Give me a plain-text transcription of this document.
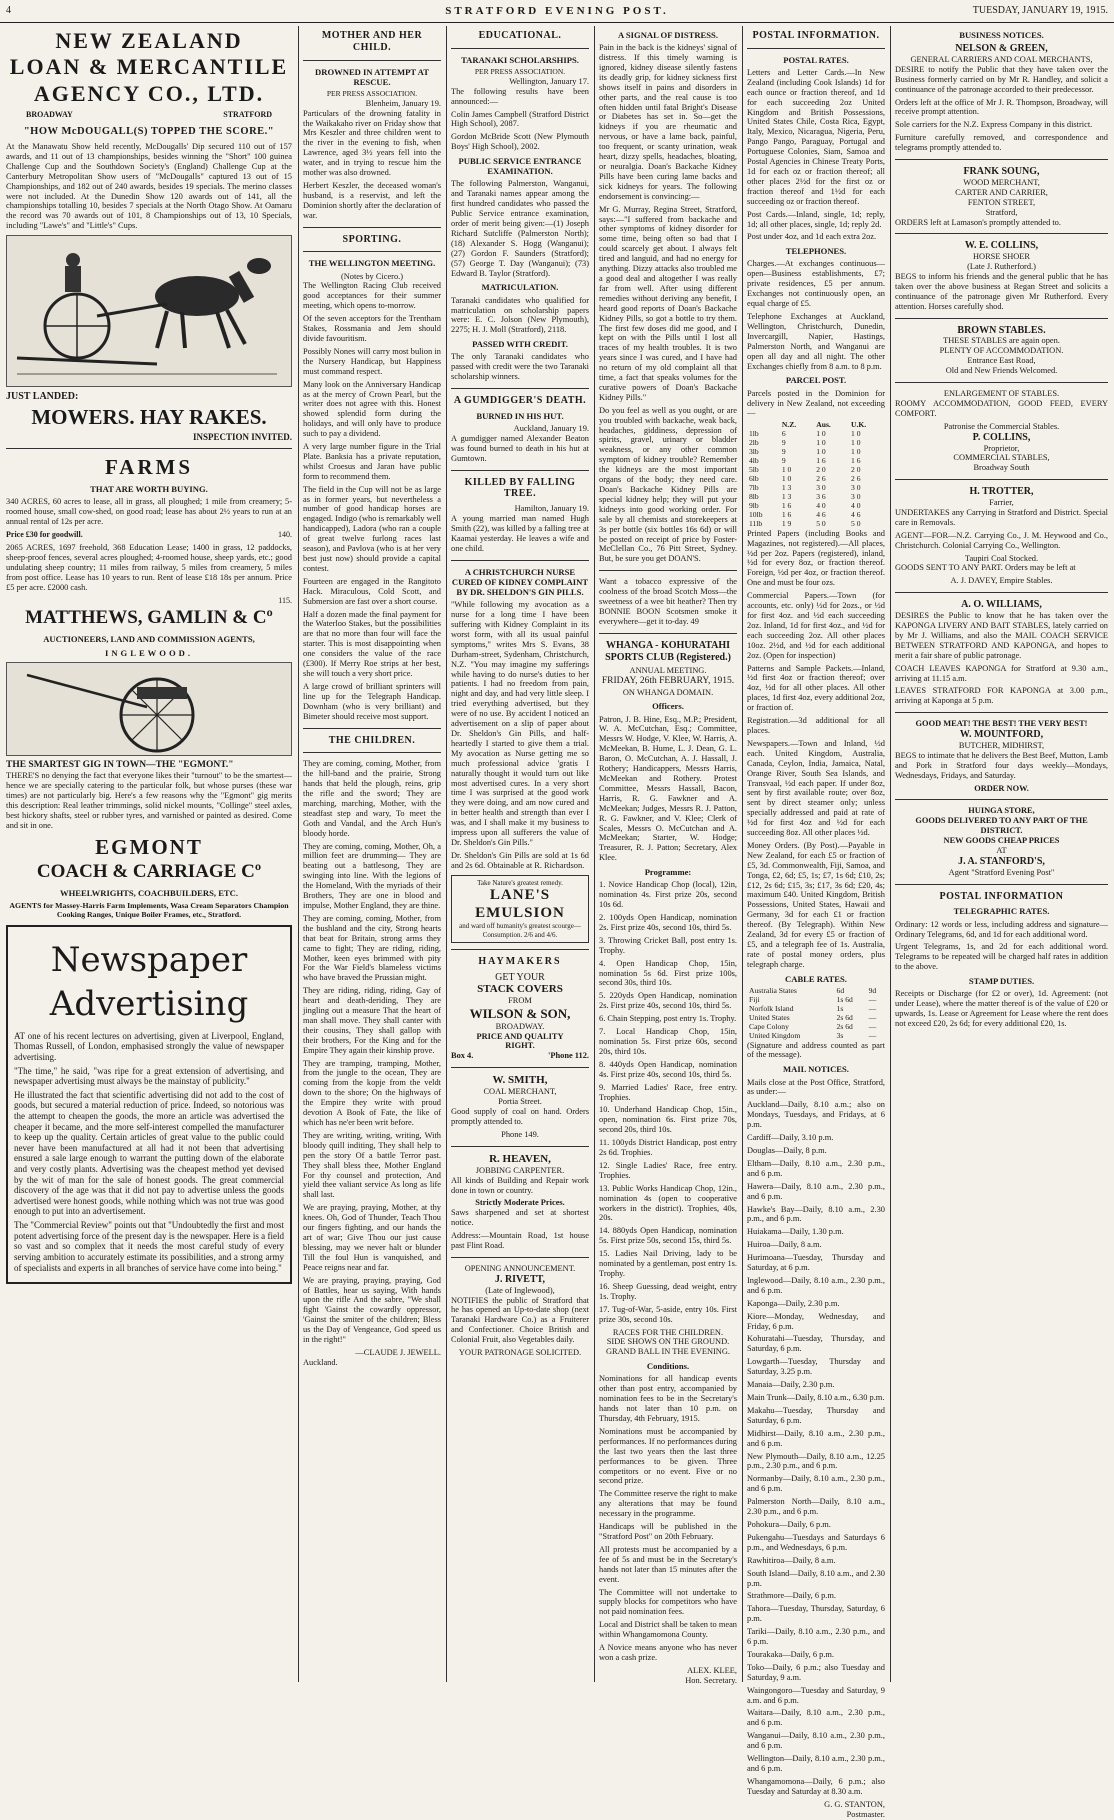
4	STRATFORD EVENING POST.	TUESDAY, JANUARY 19, 1915.
NEW ZEALAND
LOAN & MERCANTILE
AGENCY CO., LTD.
BROADWAY	STRATFORD
"HOW McDOUGALL(S) TOPPED THE SCORE."

At the Manawatu Show held recently, McDougalls' Dip secured 110 out of 157 awards, and 11 out of 13 championships, besides winning the "Short" 100 guinea Challenge Cup and the Southdown Society's (England) Challenge Cup at the Canterbury Metropolitan Show users of "McDougalls" captured 13 out of 15 Championships, and 182 out of 240 awards, besides 19 specials. The merino classes were not included. At the Dunedin Show 120 awards out of 141, all the championships totalling 10, besides 7 specials at the North Otago Show. At Oamaru the record was 70 awards out of 101, 8 Championships out of 13, 10 Specials, including "Lawe's" and "Little's" Cups.

JUST LANDED:
MOWERS. HAY RAKES.
INSPECTION INVITED.
FARMS
THAT ARE WORTH BUYING.

340 ACRES, 60 acres to lease, all in grass, all ploughed; 1 mile from creamery; 5-roomed house, small cow-shed, on good road; lease has about 2½ years to run at an annual rental of 12s per acre.

Price £30 for goodwill.	140.

2065 ACRES, 1697 freehold, 368 Education Lease; 1400 in grass, 12 paddocks, sheep-proof fences, several acres ploughed; 4-roomed house, sheep yards, etc.; good undulating sheep country; 11 miles from railway, 5 miles from creamery, 5 miles from post office. Lease has 10 years to run. Rent of lease £18 18s per annum. Price £5 per acre. £2000 cash.

115.
MATTHEWS, GAMLIN & Cº
AUCTIONEERS, LAND AND COMMISSION AGENTS,
INGLEWOOD.
THE SMARTEST GIG IN TOWN—THE "EGMONT."

THERE'S no denying the fact that everyone likes their "turnout" to be the smartest—hence we are specially catering to the particular folk, but whose purses (these war times) are not particularly big. Here's a few reasons why the "Egmont" gig merits this description: Real leather trimmings, solid nickel mounts, "Collinge" steel axles, best hickory shafts, steel or rubber tyres, and varnished or painted as desired. Come and sit in one.

EGMONT
COACH & CARRIAGE Cº
WHEELWRIGHTS, COACHBUILDERS, ETC.
AGENTS for Massey-Harris Farm Implements, Wasa Cream Separators Champion Cooking Ranges, Unique Boiler Frames, etc., Stratford.
Newspaper
Advertising

AT one of his recent lectures on advertising, given at Liverpool, England, Thomas Russell, of London, emphasised strongly the value of newspaper advertising.

"The time," he said, "was ripe for a great extension of advertising, and newspaper advertising must always be the mainstay of publicity."

He illustrated the fact that scientific advertising did not add to the cost of goods, but secured a material reduction of price. Indeed, so notorious was the attempt to cheapen the goods, the more an article was advertised the cheaper it became, and the more self-interest compelled the manufacturer to keep up the quality. Certain articles of great value to the public could never have been manufactured at all had it not been that advertising ensured a sale large enough to warrant the putting down of the elaborate and very costly plants. Advertising was the cheapest method yet devised by the wit of man for the sale of honest goods. The great commercial discovery of the age was that it did not pay to advertise unless the goods advertised were honest goods, while nothing which was not true was good enough to put into an advertisement.

The "Commercial Review" points out that "Undoubtedly the first and most potent advertising force of the present day is the newspaper. Here is a field so vast and so complex that it needs the most careful study of every serving ambition to accurately estimate its possibilities, and a strong army of specialists and experts in all branches of service have come into being."

MOTHER AND HER CHILD.
DROWNED IN ATTEMPT AT RESCUE.
PER PRESS ASSOCIATION.
Blenheim, January 19.

Particulars of the drowning fatality in the Waikakaho river on Friday show that Mrs Keszler and three children went to the river in the evening to fish, when Lawrence, aged 3½ years fell into the water, and in trying to rescue him the mother was also drowned.

Herbert Keszler, the deceased woman's husband, is a reservist, and left the Dominion shortly after the declaration of war.

SPORTING.
THE WELLINGTON MEETING.
(Notes by Cicero.)

The Wellington Racing Club received good acceptances for their summer meeting, which opens to-morrow.

Of the seven acceptors for the Trentham Stakes, Rossmania and Jem should divide favouritism.

Possibly Nones will carry most bulion in the Nursery Handicap, but Happiness must command respect.

Many look on the Anniversary Handicap as at the mercy of Crown Pearl, but the writer does not agree with this. Honest showed splendid form during the holidays, and will only have to produce such to pay a dividend.

A very large number figure in the Trial Plate. Banksia has a private reputation, whilst Croesus and Jaran have public form to recommend them.

The field in the Cup will not be as large as in former years, but nevertheless a number of good handicap horses are engaged. Indigo (who is remarkably well handicapped), Ladora (who ran a couple of great twelve furlong races last season), and Pavlova (who is at her very best just now) should provide a capital contest.

Fourteen are engaged in the Rangitoto Hack. Miraculous, Cold Scott, and Submersion are fast over a short course.

Half a dozen made the final payment for the Waterloo Stakes, but the possibilities are that no more than four will face the starter. This is most disappointing when one considers the value of the race (£300). If Merry Roe strips at her best, she will touch a very short price.

A large crowd of brilliant sprinters will line up for the Telegraph Handicap. Downham (who is very brilliant) and Bimeter should receive most support.

THE CHILDREN.

They are coming, coming, Mother, from the hill-band and the prairie, Strong hands that held the plough, reins, grip the rifle and the sword; They are marching, marching, Mother, with the steadfast step and wary, To meet the Goth and Vandal, and the Arch Hun's bloody horde.

They are coming, coming, Mother, Oh, a million feet are drumming— They are beating out a battlesong, They are swinging into line. With the legions of the Homeland, With the myriads of their Brothers, They are one in blood and impulse, Mother England, they are thine.

They are coming, coming, Mother, from the bushland and the city, Strong hearts that beat for Britain, strong arms they came to fight; They are riding, riding, Mother, keen eyes brimmed with pity For the War Field's blameless victims who have braved the Prussian might.

They are riding, riding, riding, Gay of heart and death-deriding, They are jingling out a measure That the heart of man shall move. They shall canter with their cousins, They shall gallop with their brothers, For the King and for the Empire They again their kinship prove.

They are tramping, tramping, Mother, from the jungle to the ocean, They are coming from the kopje from the veldt down to the shore; On the highways of the Empire they write with proud devotion A Book of Fate, the like of which has ne'er been writ before.

They are writing, writing, writing, With bloody quill inditing, They shall help to pen the story Of a battle Terror past. They shall bless thee, Mother England For thy counsel and protection, And yield thee valiant service As long as life shall last.

We are praying, praying, Mother, at thy knees. Oh, God of Thunder, Teach Thou our fingers fighting, and our hands the art of war; Give Thou our just cause blessing, may we never halt or blunder Till the foul Hun is vanquished, and Peace reigns near and far.

We are praying, praying, praying, God of Battles, hear us saying, With hands upon the rifle And the sabre, "We shall fight 'Gainst the cowardly oppressor, 'Gainst the smiter of the children; Bless us the Day of Vengeance, God speed us in the right!"

—CLAUDE J. JEWELL.
Auckland.
EDUCATIONAL.
TARANAKI SCHOLARSHIPS.
PER PRESS ASSOCIATION.
Wellington, January 17.

The following results have been announced:—

Colin James Campbell (Stratford District High School), 2087.

Gordon McBride Scott (New Plymouth Boys' High School), 2002.

PUBLIC SERVICE ENTRANCE EXAMINATION.

The following Palmerston, Wanganui, and Taranaki names appear among the first hundred candidates who passed the Public Service entrance examination, order of merit being given:—(1) Joseph Richard Sutcliffe (Palmerston North); (18) Alexander S. Hogg (Wanganui); (27) Gordon F. Saunders (Stratford); (57) George T. Day (Wanganui); (73) Edward B. Taylor (Stratford).

MATRICULATION.

Taranaki candidates who qualified for matriculation on scholarship papers were: E. C. Jolson (New Plymouth), 2275; H. J. Moll (Stratford), 2118.

PASSED WITH CREDIT.

The only Taranaki candidates who passed with credit were the two Taranaki scholarship winners.

A GUMDIGGER'S DEATH.
BURNED IN HIS HUT.
Auckland, January 19.

A gumdigger named Alexander Beaton was found burned to death in his hut at Gumtown.

KILLED BY FALLING TREE.
Hamilton, January 19.

A young married man named Hugh Smith (22), was killed by a falling tree at Kaamai yesterday. He leaves a wife and one child.

A CHRISTCHURCH NURSE CURED OF KIDNEY COMPLAINT BY DR. SHELDON'S GIN PILLS.

"While following my avocation as a nurse for a long time I have been suffering with Kidney Complaint in its worst form, with all its usual painful symptoms," writes Mrs S. Evans, 38 Durham-street, Sydenham, Christchurch, N.Z. "You may imagine my sufferings while having to do nurse's duties to her patients. I had no freedom from pain, night and day, and had very little sleep. I tried everything advertised, but they were of no use. By accident I noticed an advertisement on a slip of paper about Dr. Sheldon's Gin Pills, and half-heartedly I started to give them a trial. My avocation as Nurse getting me so much professional advice 'gratis I naturally thought it would turn out like most advertised cures. In a very short time I was surprised at the good work they were doing, and am now cured and in better health and strength than ever I was, and I shall make it my business to impress upon all sufferers the value of Dr. Sheldon's Gin Pills."

Dr. Sheldon's Gin Pills are sold at 1s 6d and 2s 6d. Obtainable at R. Richardson.

Take Nature's greatest remedy.
LANE'S EMULSION
and ward off humanity's greatest scourge— Consumption. 2/6 and 4/6.
HAYMAKERS
GET YOUR
STACK COVERS
FROM
WILSON & SON,
BROADWAY.
PRICE AND QUALITY
RIGHT.
Box 4.	'Phone 112.
W. SMITH,
COAL MERCHANT,
Portia Street.

Good supply of coal on hand. Orders promptly attended to.

Phone 149.
R. HEAVEN,
JOBBING CARPENTER.

All kinds of Building and Repair work done in town or country.

Strictly Moderate Prices.

Saws sharpened and set at shortest notice.

Address:—Mountain Road, 1st house past Flint Road.

OPENING ANNOUNCEMENT.
J. RIVETT,
(Late of Inglewood),

NOTIFIES the public of Stratford that he has opened an Up-to-date shop (next Taranaki Hardware Co.) as a Fruiterer and Confectioner. Choice British and Colonial Fruit, also Vegetables daily.

YOUR PATRONAGE SOLICITED.
A SIGNAL OF DISTRESS.

Pain in the back is the kidneys' signal of distress. If this timely warning is ignored, kidney disease silently fastens its deadly grip, for kidney sickness first shows itself in pains and disorders in other parts, and the real cause is too often hidden until fatal Bright's Disease or Diabetes has set in. So—get the kidneys if you are rheumatic and nervous, or have a lame back, painful, too frequent, or scanty urination, weak heart, dizzy spells, headaches, bloating, or neuralgia. Doan's Backache Kidney Pills have been curing lame backs and sick kidneys for years. The following endorsement is convincing:—

Mr G. Murray, Regina Street, Stratford, says:—"I suffered from backache and other symptoms of kidney disorder for some time, being often so bad that I could scarcely get about. I always felt tired and languid, and had no energy for anything. Dizzy attacks also troubled me a good deal and altogether I was really far from well. After using different remedies without deriving any benefit, I heard good reports of Doan's Backache Kidney Pills, so got a bottle to try them. The first few doses did me good, and I kept on with the Pills until I lost all traces of my health troubles. It is two years since I was cured, and I have had no return of my old complaint all that time, a fact that speaks volumes for the curative powers of Doan's Backache Kidney Pills."

Do you feel as well as you ought, or are you troubled with backache, weak back, headaches, giddiness, depression of spirits, gravel, urinary or bladder weakness, or any other common symptom of kidney trouble? Remember the kidneys are the most important organs of the body; they need care. Doan's Backache Kidney Pills are special kidney help; they will put your kidneys into good working order. For sale by all chemists and storekeepers at 3s per bottle (six bottles 16s 6d) or will be posted on receipt of price by Foster-McClellan Co., 76 Pitt Street, Sydney. But, be sure you get DOAN'S.

Want a tobacco expressive of the coolness of the broad Scotch Moss—the sweetness of a wee bit heather? Then try BONNIE BOON Scotsmen smoke it everywhere—get it to-day. 49

WHANGA - KOHURATAHI SPORTS CLUB (Registered.)
ANNUAL MEETING.
FRIDAY, 26th FEBRUARY, 1915.
ON WHANGA DOMAIN.
Officers.

Patron, J. B. Hine, Esq., M.P.; President, W. A. McCutchan, Esq.; Committee, Messrs W. Hodge, V. Klee, W. Harris, A. McMeekan, B. Hume, L. J. Dean, G. L. Baron, O. McCutchan, A. J. Hassall, J. Rothery; Handicappers, Messrs Harris, McMeekan and Rothery. Protest Committee, Messrs Hassall, Bacon, Harris, R. G. Fawkner and A. McMeekan; Judges, Messrs R. J. Patton, R. G. Fawkner, and V. Klee; Clerk of Scales, Messrs O. McCutchan and A. McMeekan; Starter, W. Hodge; Treasurer, R. J. Patton; Secretary, Alex Klee.

Programme:

1. Novice Handicap Chop (local), 12in, nomination 4s. First prize 20s, second 10s 6d.

2. 100yds Open Handicap, nomination 2s. First prize 40s, second 10s, third 5s.

3. Throwing Cricket Ball, post entry 1s. Trophy.

4. Open Handicap Chop, 15in, nomination 5s 6d. First prize 100s, second 30s, third 10s.

5. 220yds Open Handicap, nomination 2s. First prize 40s, second 10s, third 5s.

6. Chain Stepping, post entry 1s. Trophy.

7. Local Handicap Chop, 15in, nomination 5s. First prize 60s, second 20s, third 10s.

8. 440yds Open Handicap, nomination 4s. First prize 40s, second 10s, third 5s.

9. Married Ladies' Race, free entry. Trophies.

10. Underhand Handicap Chop, 15in., open, nomination 6s. First prize 70s, second 20s, third 10s.

11. 100yds District Handicap, post entry 2s 6d. Trophies.

12. Single Ladies' Race, free entry. Trophies.

13. Public Works Handicap Chop, 12in., nomination 4s (open to cooperative workers in the district). Trophies, 40s, 20s.

14. 880yds Open Handicap, nomination 5s. First prize 50s, second 15s, third 5s.

15. Ladies Nail Driving, lady to be nominated by a gentleman, post entry 1s. Trophy.

16. Sheep Guessing, dead weight, entry 1s. Trophy.

17. Tug-of-War, 5-aside, entry 10s. First prize 30s, second 10s.

RACES FOR THE CHILDREN.
SIDE SHOWS ON THE GROUND.
GRAND BALL IN THE EVENING.
Conditions.

Nominations for all handicap events other than post entry, accompanied by nomination fees to be in the Secretary's hands not later than 10 p.m. on Thursday, 4th February, 1915.

Nominations must be accompanied by performances. If no performances during the last two years then the last three performances to be given. Three competitors or no event. Five or no second prize.

The Committee reserve the right to make any alterations that may be found necessary in the programme.

Handicaps will be published in the "Stratford Post" on 20th February.

All protests must be accompanied by a fee of 5s and must be in the Secretary's hands not later than 15 minutes after the event.

The Committee will not undertake to supply blocks for competitors who have not paid nomination fees.

Local and District shall be taken to mean within Whangamomona County.

A Novice means anyone who has never won a cash prize.

ALEX. KLEE,
Hon. Secretary.
POSTAL INFORMATION.
POSTAL RATES.

Letters and Letter Cards.—In New Zealand (including Cook Islands) 1d for each ounce or fraction thereof, and 1d for each succeeding 2oz United Kingdom and British Possessions, United States Chile, Costa Rica, Egypt, Italy, Mexico, Nicaragua, Nigeria, Peru, Pango Pango, Paraguay, Portugal and Portuguese Colonies, Siam, Samoa and Postal Agencies in Chinese Treaty Ports, 1d for each oz or fraction thereof; all other places 2½d for the first oz or fraction thereof and 1½d for each succeeding oz or fraction thereof.

Post Cards.—Inland, single, 1d; reply, 1d; all other places, single, 1d; reply 2d.

Post under 4oz, and 1d each extra 2oz.

TELEPHONES.

Charges.—At exchanges continuous—open—Business establishments, £7; private residences, £5 per annum. Exchanges not continuously open, an equal charge of £5.

Telephone Exchanges at Auckland, Wellington, Christchurch, Dunedin, Invercargill, Napier, Hastings, Palmerston North, and Wanganui are open all day and all night. The other Exchanges chiefly from 8 a.m. to 8 p.m.

PARCEL POST.

Parcels posted in the Dominion for delivery in New Zealand, not exceeding—

	N.Z.	Aus.	U.K.
1lb	6	1 0	1 0
2lb	9	1 0	1 0
3lb	9	1 0	1 0
4lb	9	1 6	1 6
5lb	1 0	2 0	2 0
6lb	1 0	2 6	2 6
7lb	1 3	3 0	3 0
8lb	1 3	3 6	3 0
9lb	1 6	4 0	4 0
10lb	1 6	4 6	4 6
11lb	1 9	5 0	5 0

Printed Papers (including Books and Magazines, not registered).—All places, ½d per 2oz. Papers (registered), inland, ½d for every 8oz, or fraction thereof. Foreign, ½d per 4oz, or fraction thereof. One and must be four ozs.

Commercial Papers.—Town (for accounts, etc. only) ½d for 2ozs., or ½d for first 4oz. and ½d each succeeding 2oz. Inland, 1d for first 4oz., and ½d for each succeeding 2oz. All other places 10oz. 2½d, and ½d for each additional 2oz. (Open for inspection)

Patterns and Sample Packets.—Inland, ½d first 4oz or fraction thereof; over 4oz, ½d for all other places. All other places, 1d first 4oz, every additional 2oz, or fraction of.

Registration.—3d additional for all places.

Newspapers.—Town and Inland, ½d each. United Kingdom, Australia, Canada, Ceylon, India, Jamaica, Natal, Orange River, South Sea Islands, and Transvaal, ½d each paper. If under 8oz, sent by first available route; over 8oz, sent by direct steamer only; unless specially addressed and paid at rate of ½d for first 4oz and ½d for each succeeding 8oz. All other places ½d.

Money Orders. (By Post).—Payable in New Zealand, for each £5 or fraction of £5, 3d. Commonwealth, Fiji, Samoa, and Tonga, £2, 6d; £5, 1s; £7, 1s 6d; £10, 2s; £12, 2s 6d; £15, 3s; £17, 3s 6d; £20, 4s; maximum £40. United Kingdom, British Possessions, United States, Hawaii and Germany, 3d for each £1 or fraction thereof. (By Telegraph). Within New Zealand, 3d for every £5 or fraction of £5, and a telegraph fee of 1s. Australia, rate of postal money orders, plus telegraph charge.

CABLE RATES.
Australia States	6d	9d
Fiji	1s 6d	—
Norfolk Island	1s	—
United States	2s 6d	—
Cape Colony	2s 6d	—
United Kingdom	3s	—

(Signature and address counted as part of the message).

MAIL NOTICES.

Mails close at the Post Office, Stratford, as under:—

Auckland—Daily, 8.10 a.m.; also on Mondays, Tuesdays, and Fridays, at 6 p.m.

Cardiff—Daily, 3.10 p.m.

Douglas—Daily, 8 p.m.

Eltham—Daily, 8.10 a.m., 2.30 p.m., and 6 p.m.

Hawera—Daily, 8.10 a.m., 2.30 p.m., and 6 p.m.

Hawke's Bay—Daily, 8.10 a.m., 2.30 p.m., and 6 p.m.

Huiakama—Daily, 1.30 p.m.

Huiroa—Daily, 8 a.m.

Hurimoana—Tuesday, Thursday and Saturday, at 6 p.m.

Inglewood—Daily, 8.10 a.m., 2.30 p.m., and 6 p.m.

Kaponga—Daily, 2.30 p.m.

Kiore—Monday, Wednesday, and Friday, 6 p.m.

Kohuratahi—Tuesday, Thursday, and Saturday, 6 p.m.

Lowgarth—Tuesday, Thursday and Saturday, 3.25 p.m.

Manaia—Daily, 2.30 p.m.

Main Trunk—Daily, 8.10 a.m., 6.30 p.m.

Makahu—Tuesday, Thursday and Saturday, 6 p.m.

Midhirst—Daily, 8.10 a.m., 2.30 p.m., and 6 p.m.

New Plymouth—Daily, 8.10 a.m., 12.25 p.m., 2.30 p.m., and 6 p.m.

Normanby—Daily, 8.10 a.m., 2.30 p.m., and 6 p.m.

Palmerston North—Daily, 8.10 a.m., 2.30 p.m., and 6 p.m.

Pohokura—Daily, 6 p.m.

Pukengahu—Tuesdays and Saturdays 6 p.m., and Wednesdays, 6 p.m.

Rawhitiroa—Daily, 8 a.m.

South Island—Daily, 8.10 a.m., and 2.30 p.m.

Strathmore—Daily, 6 p.m.

Tahora—Tuesday, Thursday, Saturday, 6 p.m.

Tariki—Daily, 8.10 a.m., 2.30 p.m., and 6 p.m.

Tourakaka—Daily, 6 p.m.

Toko—Daily, 6 p.m.; also Tuesday and Saturday, 9 a.m.

Waingongoro—Tuesday and Saturday, 9 a.m. and 6 p.m.

Waitara—Daily, 8.10 a.m., 2.30 p.m., and 6 p.m.

Wanganui—Daily, 8.10 a.m., 2.30 p.m., and 6 p.m.

Wellington—Daily, 8.10 a.m., 2.30 p.m., and 6 p.m.

Whangamomona—Daily, 6 p.m.; also Tuesday and Saturday at 8.30 a.m.

G. G. STANTON,
Postmaster.
BUSINESS NOTICES.
NELSON & GREEN,
GENERAL CARRIERS AND COAL MERCHANTS,

DESIRE to notify the Public that they have taken over the Business formerly carried on by Mr R. Handley, and solicit a continuance of the patronage accorded to their predecessor.

Orders left at the office of Mr J. R. Thompson, Broadway, will receive prompt attention.

Sole carriers for the N.Z. Express Company in this district.

Furniture carefully removed, and correspondence and telegrams promptly attended to.

FRANK SOUNG,
WOOD MERCHANT,
CARTER AND CARRIER,
FENTON STREET,
Stratford,

ORDERS left at Lamason's promptly attended to.

W. E. COLLINS,
HORSE SHOER
(Late J. Rutherford.)

BEGS to inform his friends and the general public that he has taken over the above business at Regan Street and solicits a continuance of the patronage given Mr Rutherford. Every attention. Horses carefully shod.

BROWN STABLES.
THESE STABLES are again open.
PLENTY OF ACCOMMODATION.
Entrance East Road,
Old and New Friends Welcomed.
ENLARGEMENT OF STABLES.

ROOMY ACCOMMODATION, GOOD FEED, EVERY COMFORT.

Patronise the Commercial Stables.
P. COLLINS,
Proprietor,
COMMERCIAL STABLES,
Broadway South
H. TROTTER,
Farrier,

UNDERTAKES any Carrying in Stratford and District. Special care in Removals.

AGENT—FOR—N.Z. Carrying Co., J. M. Heywood and Co., Christchurch. Colonial Carrying Co., Wellington.

Taupiri Coal Stocked.

GOODS SENT TO ANY PART. Orders may be left at

A. J. DAVEY, Empire Stables.
A. O. WILLIAMS,

DESIRES the Public to know that he has taken over the KAPONGA LIVERY AND BAIT STABLES, lately carried on by Mr J. Williams, and also the MAIL COACH SERVICE BETWEEN STRATFORD AND KAPONGA, and hopes to merit a fair share of public patronage.

COACH LEAVES KAPONGA for Stratford at 9.30 a.m., arriving at 11.15 a.m.

LEAVES STRATFORD FOR KAPONGA at 3.00 p.m., arriving at Kaponga at 5 p.m.

GOOD MEAT! THE BEST! THE VERY BEST!
W. MOUNTFORD,
BUTCHER, MIDHIRST,

BEGS to intimate that he delivers the Best Beef, Mutton, Lamb and Pork in Stratford four days weekly—Mondays, Wednesdays, Fridays, and Saturday.

ORDER NOW.
HUINGA STORE,
GOODS DELIVERED TO ANY PART OF THE DISTRICT.
NEW GOODS CHEAP PRICES
AT
J. A. STANFORD'S,
Agent "Stratford Evening Post"
POSTAL INFORMATION
TELEGRAPHIC RATES.

Ordinary: 12 words or less, including address and signature—Ordinary Telegrams, 6d, and 1d for each additional word.

Urgent Telegrams, 1s, and 2d for each additional word. Telegrams to be repeated will be charged half rates in addition to the above.

STAMP DUTIES.

Receipts or Discharge (for £2 or over), 1d. Agreement: (not under Lease), where the matter thereof is of the value of £20 or upwards, 1s. Lease or Agreement for Lease where the rent does not exceed £20, 2s 6d; for every additional £20, 1s.
